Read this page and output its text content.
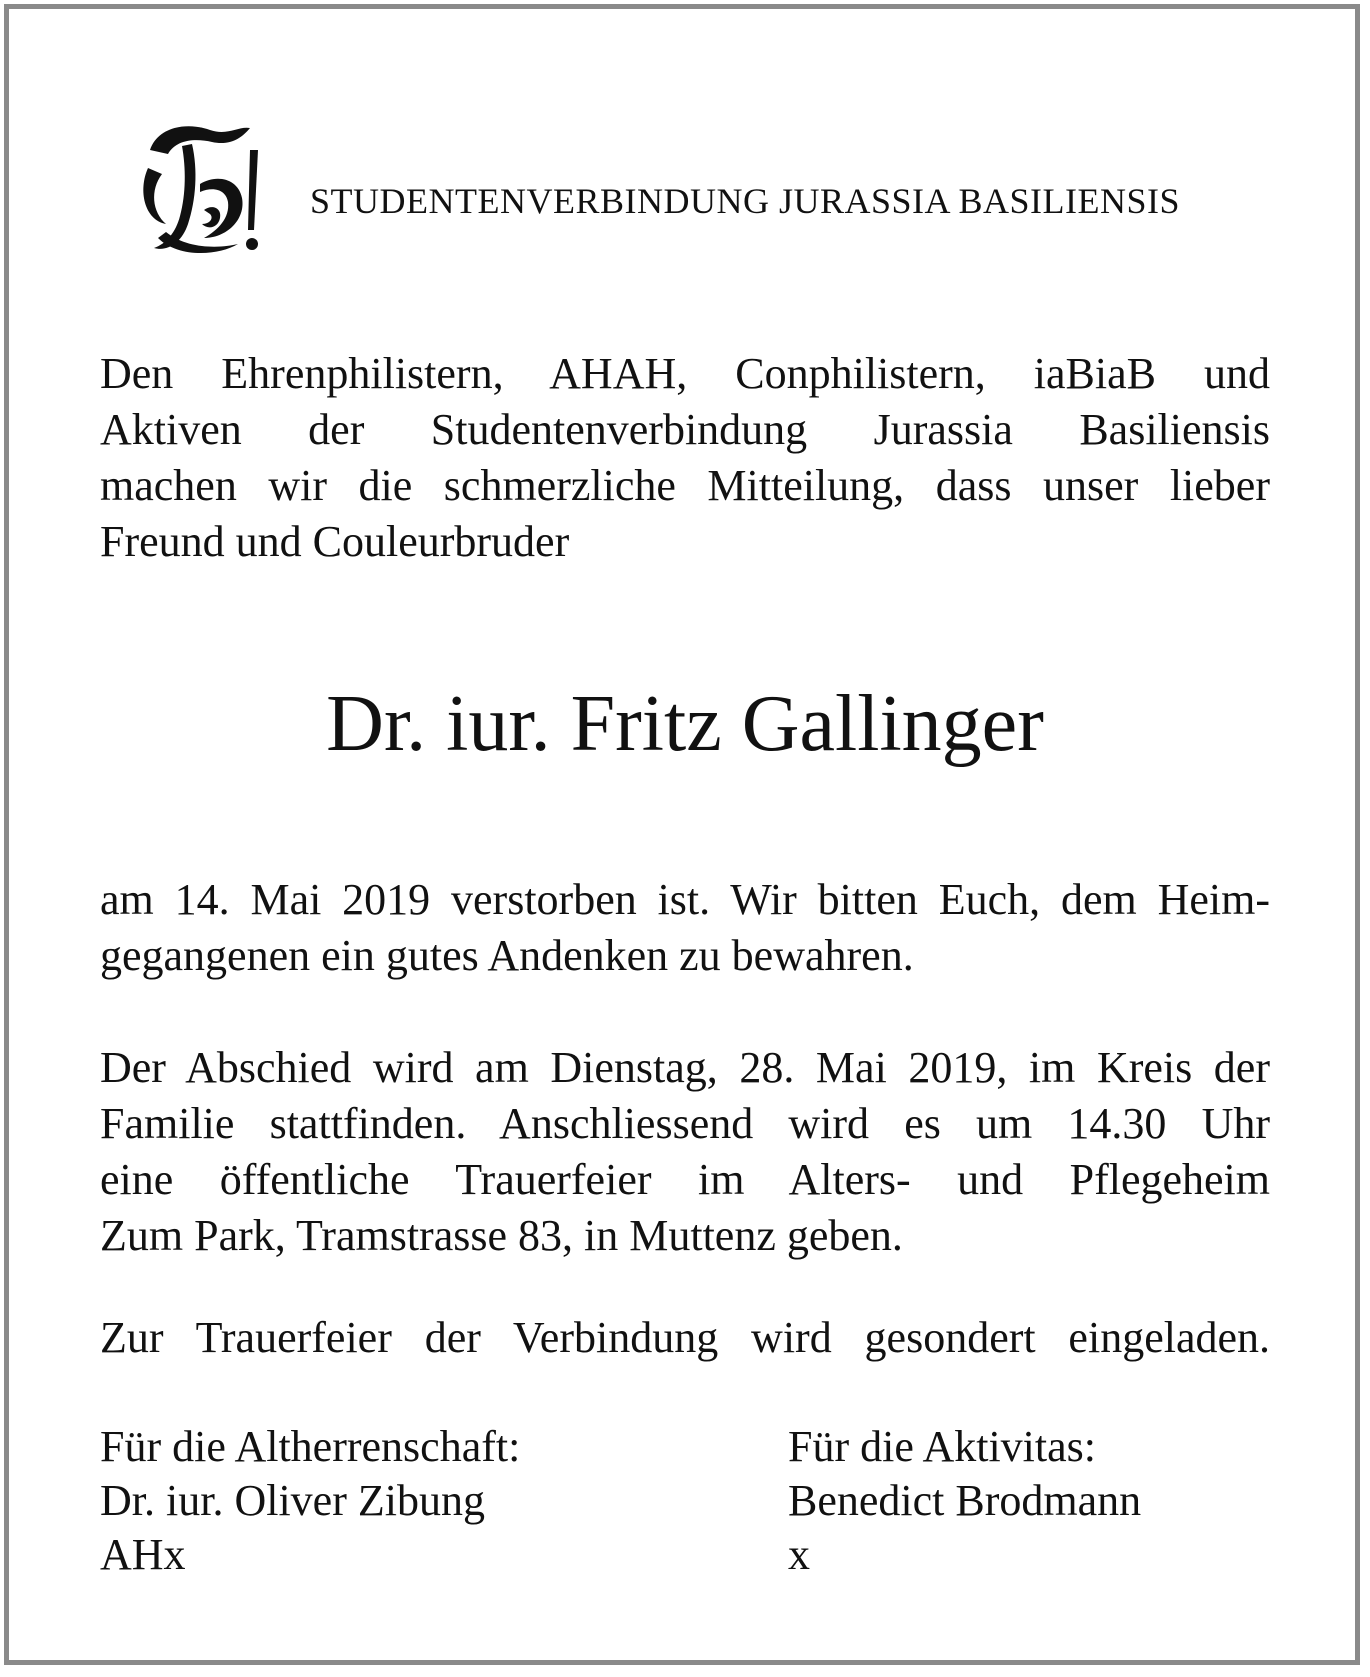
STUDENTENVERBINDUNG JURASSIA BASILIENSIS

Den Ehrenphilistern, AHAH, Conphilistern, iaBiaB und
Aktiven der Studentenverbindung Jurassia Basiliensis
machen wir die schmerzliche Mitteilung, dass unser lieber
Freund und Couleurbruder

Dr. iur. Fritz Gallinger

am 14. Mai 2019 verstorben ist. Wir bitten Euch, dem Heim-
gegangenen ein gutes Andenken zu bewahren.

Der Abschied wird am Dienstag, 28. Mai 2019, im Kreis der
Familie stattfinden. Anschliessend wird es um 14.30 Uhr
eine öffentliche Trauerfeier im Alters- und Pflegeheim
Zum Park, Tramstrasse 83, in Muttenz geben.

Zur Trauerfeier der Verbindung wird gesondert eingeladen.

Für die Altherrenschaft:
Dr. iur. Oliver Zibung
AHx
Für die Aktivitas:
Benedict Brodmann
x
